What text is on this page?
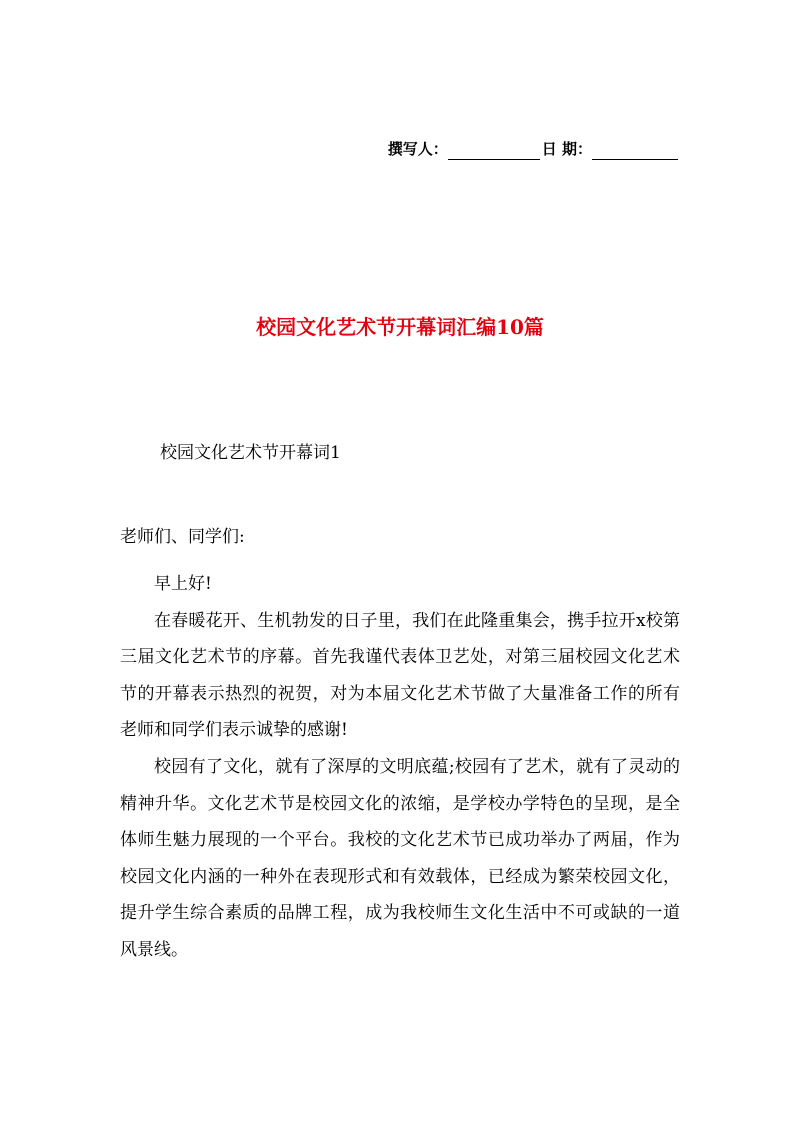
撰写人：	日 期：
校园文化艺术节开幕词汇编10篇
校园文化艺术节开幕词1
老师们、同学们:

早上好!

在春暖花开、生机勃发的日子里，我们在此隆重集会，携手拉开x校第三届文化艺术节的序幕。首先我谨代表体卫艺处，对第三届校园文化艺术节的开幕表示热烈的祝贺，对为本届文化艺术节做了大量准备工作的所有老师和同学们表示诚挚的感谢!

校园有了文化，就有了深厚的文明底蕴;校园有了艺术，就有了灵动的精神升华。文化艺术节是校园文化的浓缩，是学校办学特色的呈现，是全体师生魅力展现的一个平台。我校的文化艺术节已成功举办了两届，作为校园文化内涵的一种外在表现形式和有效载体，已经成为繁荣校园文化，提升学生综合素质的品牌工程，成为我校师生文化生活中不可或缺的一道风景线。
